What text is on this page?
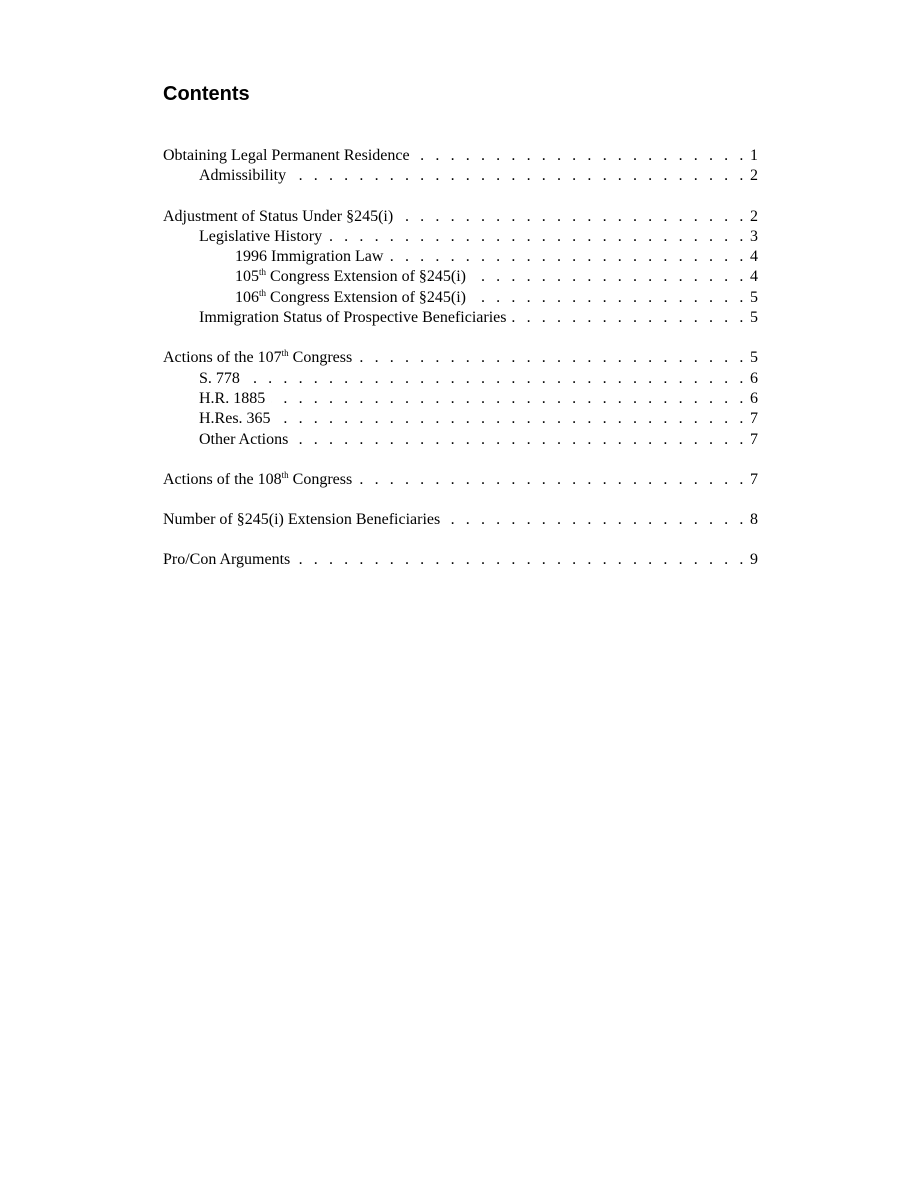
Contents
Obtaining Legal Permanent Residence . . .	1
Admissibility . . .	2
Adjustment of Status Under §245(i) . . .	2
Legislative History . . .	3
1996 Immigration Law . . .	4
105th Congress Extension of §245(i) . . .	4
106th Congress Extension of §245(i) . . .	5
Immigration Status of Prospective Beneficiaries . . .	5
Actions of the 107th Congress . . .	5
S. 778 . . .	6
H.R. 1885 . . .	6
H.Res. 365 . . .	7
Other Actions . . .	7
Actions of the 108th Congress . . .	7
Number of §245(i) Extension Beneficiaries . . .	8
Pro/Con Arguments . . .	9
